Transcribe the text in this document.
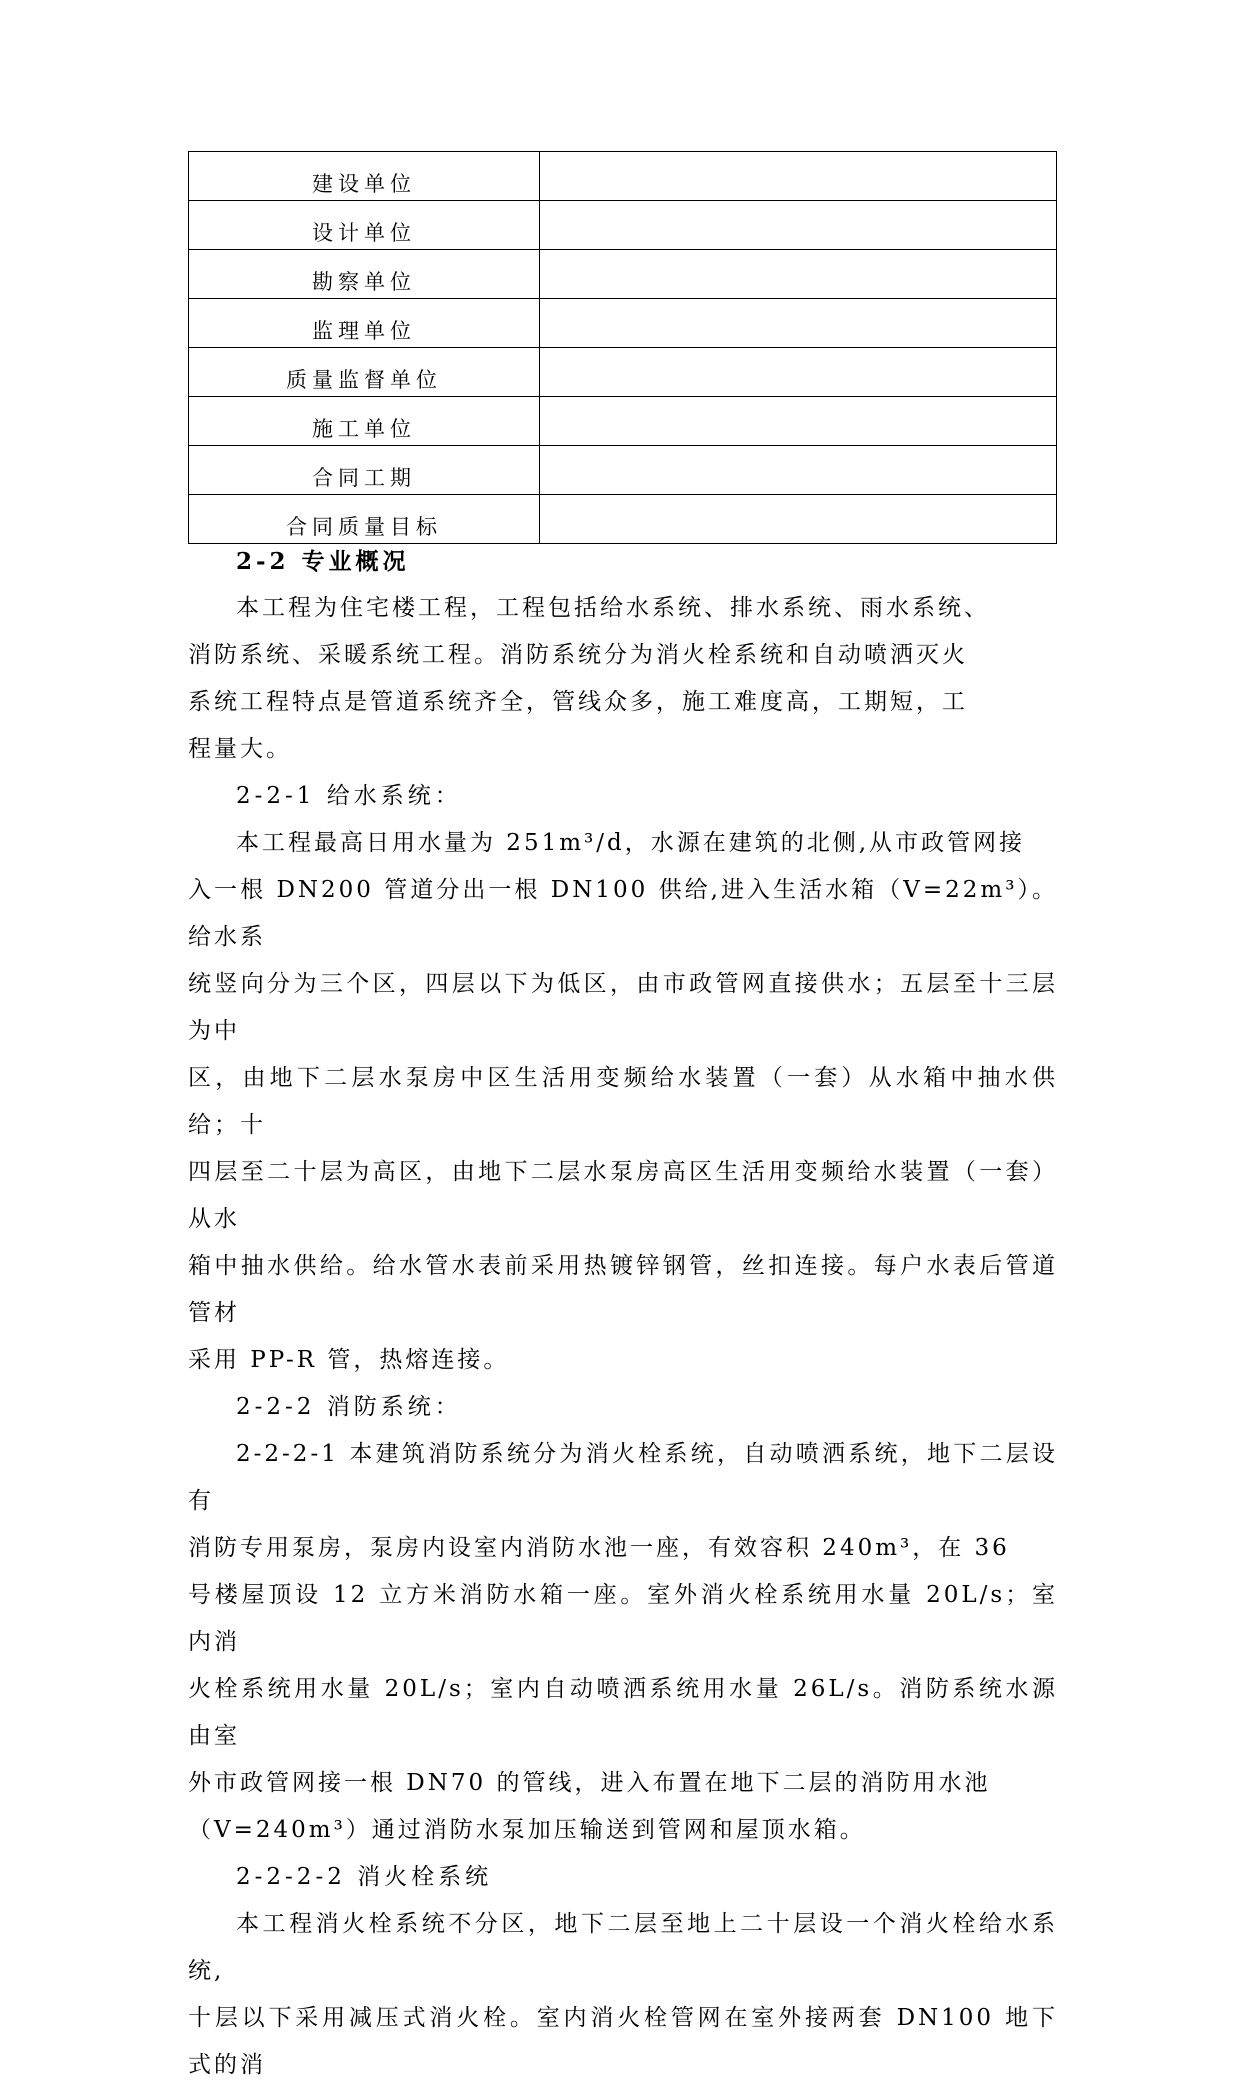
建设单位	
设计单位	
勘察单位	
监理单位	
质量监督单位	
施工单位	
合同工期	
合同质量目标	

2-2 专业概况

本工程为住宅楼工程，工程包括给水系统、排水系统、雨水系统、

消防系统、采暖系统工程。消防系统分为消火栓系统和自动喷洒灭火

系统工程特点是管道系统齐全，管线众多，施工难度高，工期短，工

程量大。

2-2-1 给水系统：

本工程最高日用水量为 251m³/d，水源在建筑的北侧,从市政管网接

入一根 DN200 管道分出一根 DN100 供给,进入生活水箱（V=22m³）。给水系

统竖向分为三个区，四层以下为低区，由市政管网直接供水；五层至十三层为中

区，由地下二层水泵房中区生活用变频给水装置（一套）从水箱中抽水供给；十

四层至二十层为高区，由地下二层水泵房高区生活用变频给水装置（一套）从水

箱中抽水供给。给水管水表前采用热镀锌钢管，丝扣连接。每户水表后管道管材

采用 PP-R 管，热熔连接。

2-2-2 消防系统：

2-2-2-1 本建筑消防系统分为消火栓系统，自动喷洒系统，地下二层设有

消防专用泵房，泵房内设室内消防水池一座，有效容积 240m³，在 36

号楼屋顶设 12 立方米消防水箱一座。室外消火栓系统用水量 20L/s；室内消

火栓系统用水量 20L/s；室内自动喷洒系统用水量 26L/s。消防系统水源由室

外市政管网接一根 DN70 的管线，进入布置在地下二层的消防用水池

（V=240m³）通过消防水泵加压输送到管网和屋顶水箱。

2-2-2-2 消火栓系统

本工程消火栓系统不分区，地下二层至地上二十层设一个消火栓给水系统,

十层以下采用减压式消火栓。室内消火栓管网在室外接两套 DN100 地下式的消
